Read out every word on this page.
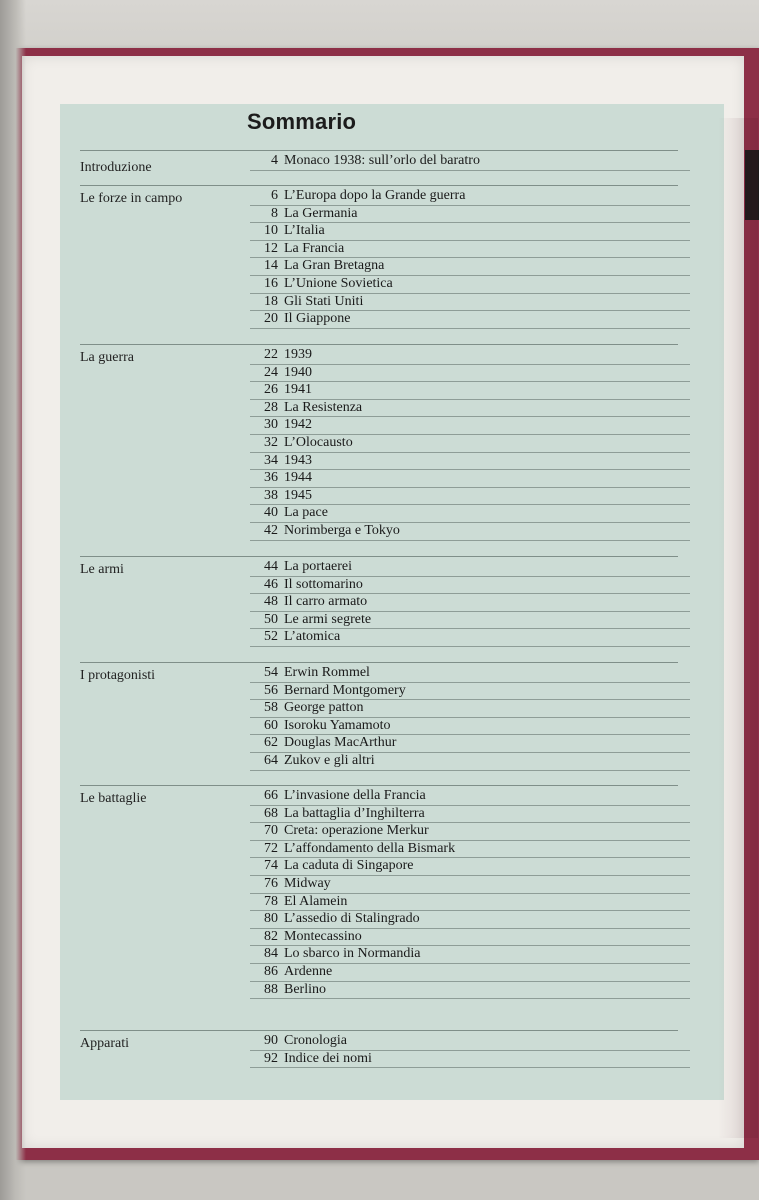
Sommario
Introduzione	4 Monaco 1938: sull’orlo del baratro
Le forze in campo	6 L’Europa dopo la Grande guerra
8 La Germania
10 L’Italia
12 La Francia
14 La Gran Bretagna
16 L’Unione Sovietica
18 Gli Stati Uniti
20 Il Giappone
La guerra	22 1939
24 1940
26 1941
28 La Resistenza
30 1942
32 L’Olocausto
34 1943
36 1944
38 1945
40 La pace
42 Norimberga e Tokyo
Le armi	44 La portaerei
46 Il sottomarino
48 Il carro armato
50 Le armi segrete
52 L’atomica
I protagonisti	54 Erwin Rommel
56 Bernard Montgomery
58 George patton
60 Isoroku Yamamoto
62 Douglas MacArthur
64 Zukov e gli altri
Le battaglie	66 L’invasione della Francia
68 La battaglia d’Inghilterra
70 Creta: operazione Merkur
72 L’affondamento della Bismark
74 La caduta di Singapore
76 Midway
78 El Alamein
80 L’assedio di Stalingrado
82 Montecassino
84 Lo sbarco in Normandia
86 Ardenne
88 Berlino
Apparati	90 Cronologia
92 Indice dei nomi
